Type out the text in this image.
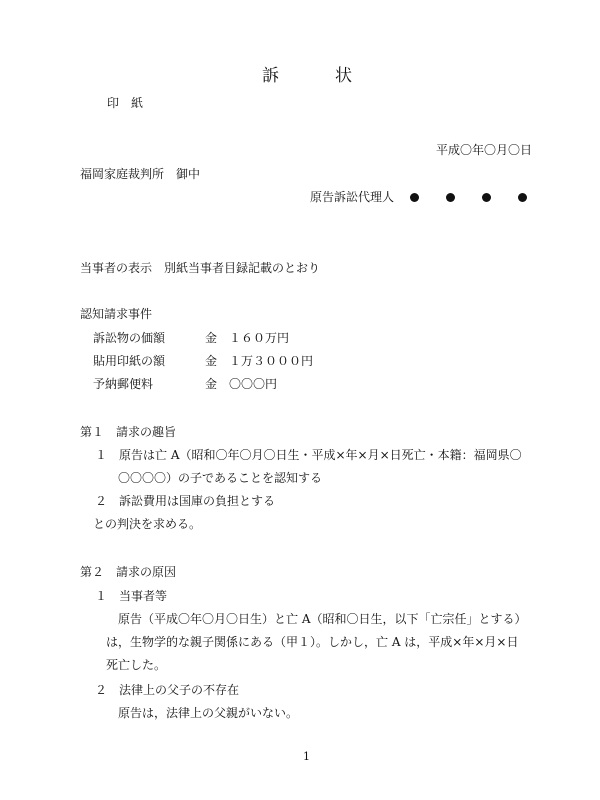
訴	状
印　紙
平成〇年〇月〇日
福岡家庭裁判所　御中
原告訴訟代理人
当事者の表示　別紙当事者目録記載のとおり
認知請求事件
訴訟物の価額	金　１６０万円
貼用印紙の額	金　１万３０００円
予納郵便料	金　〇〇〇円
第１　請求の趣旨
１　原告は亡 A（昭和〇年〇月〇日生・平成×年×月×日死亡・本籍：福岡県〇
〇〇〇〇）の子であることを認知する
２　訴訟費用は国庫の負担とする
との判決を求める。
第２　請求の原因
１　当事者等
原告（平成〇年〇月〇日生）と亡 A（昭和〇日生，以下「亡宗任」とする）
は，生物学的な親子関係にある（甲１）。しかし，亡 A は，平成×年×月×日
死亡した。
２　法律上の父子の不存在
原告は，法律上の父親がいない。
1
